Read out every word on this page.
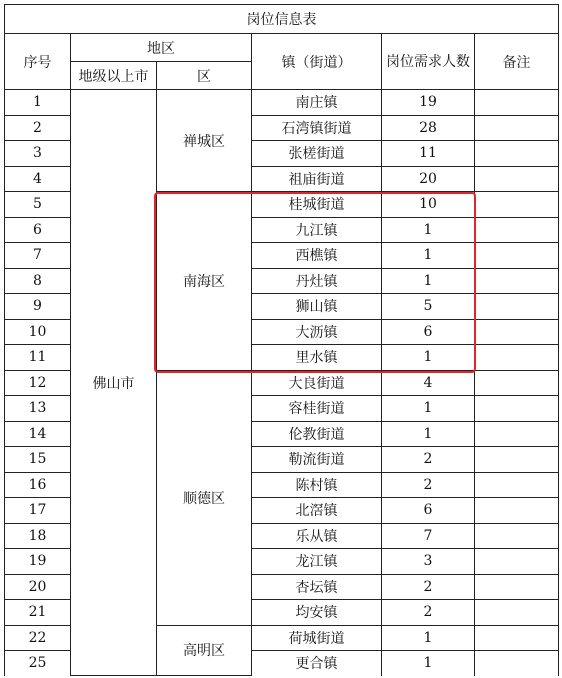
岗位信息表					
序号	地区		镇（街道）	岗位需求人数	备注
	地级以上市	区			
1	佛山市	禅城区	南庄镇	19	
2			石湾镇街道	28	
3			张槎街道	11	
4			祖庙街道	20	
5		南海区	桂城街道	10	
6			九江镇	1	
7			西樵镇	1	
8			丹灶镇	1	
9			狮山镇	5	
10			大沥镇	6	
11			里水镇	1	
12		顺德区	大良街道	4	
13			容桂街道	1	
14			伦教街道	1	
15			勒流街道	2	
16			陈村镇	2	
17			北滘镇	6	
18			乐从镇	7	
19			龙江镇	3	
20			杏坛镇	2	
21			均安镇	2	
22		高明区	荷城街道	1	
25			更合镇	1	
